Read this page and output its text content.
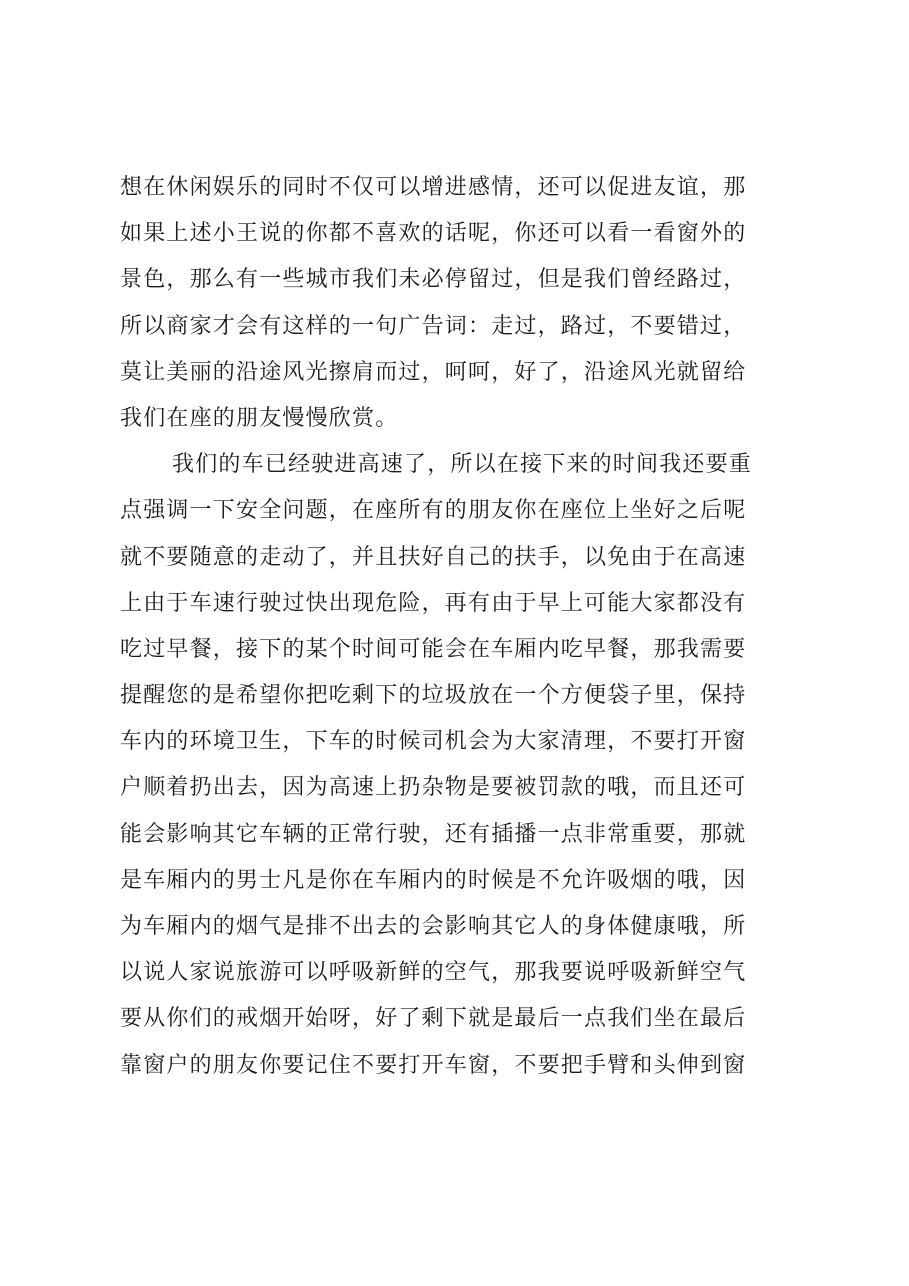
想在休闲娱乐的同时不仅可以增进感情，还可以促进友谊，那
如果上述小王说的你都不喜欢的话呢，你还可以看一看窗外的
景色，那么有一些城市我们未必停留过，但是我们曾经路过，
所以商家才会有这样的一句广告词：走过，路过，不要错过，
莫让美丽的沿途风光擦肩而过，呵呵，好了，沿途风光就留给
我们在座的朋友慢慢欣赏。
我们的车已经驶进高速了，所以在接下来的时间我还要重
点强调一下安全问题，在座所有的朋友你在座位上坐好之后呢
就不要随意的走动了，并且扶好自己的扶手，以免由于在高速
上由于车速行驶过快出现危险，再有由于早上可能大家都没有
吃过早餐，接下的某个时间可能会在车厢内吃早餐，那我需要
提醒您的是希望你把吃剩下的垃圾放在一个方便袋子里，保持
车内的环境卫生，下车的时候司机会为大家清理，不要打开窗
户顺着扔出去，因为高速上扔杂物是要被罚款的哦，而且还可
能会影响其它车辆的正常行驶，还有插播一点非常重要，那就
是车厢内的男士凡是你在车厢内的时候是不允许吸烟的哦，因
为车厢内的烟气是排不出去的会影响其它人的身体健康哦，所
以说人家说旅游可以呼吸新鲜的空气，那我要说呼吸新鲜空气
要从你们的戒烟开始呀，好了剩下就是最后一点我们坐在最后
靠窗户的朋友你要记住不要打开车窗，不要把手臂和头伸到窗
